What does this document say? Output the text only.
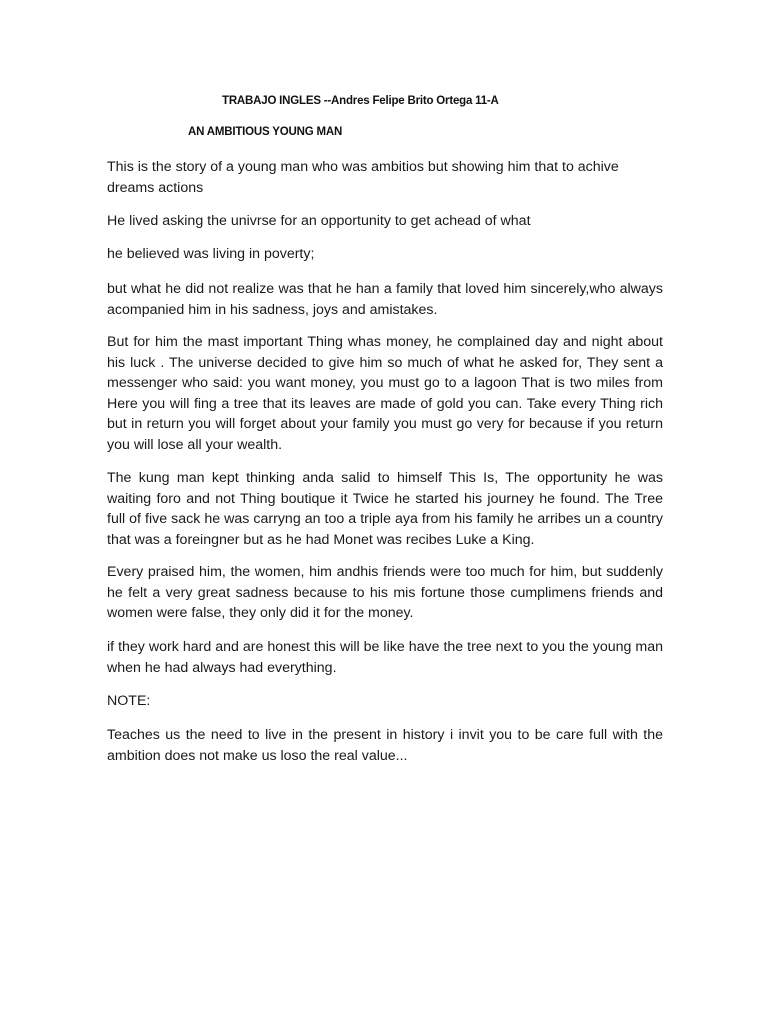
TRABAJO INGLES --Andres Felipe Brito Ortega 11-A
AN AMBITIOUS YOUNG MAN

This is the story of a young man who was ambitios but showing him that to achive dreams actions

He lived asking the univrse for an opportunity to get achead of what

he believed was living in poverty;

but what he did not realize was that he han a family that loved him sincerely,who always acompanied him in his sadness, joys and amistakes.

But for him the mast important Thing whas money, he complained day and night about his luck . The universe decided to give him so much of what he asked for, They sent a messenger who said: you want money, you must go to a lagoon That is two miles from Here you will fing a tree that its leaves are made of gold you can. Take every Thing rich but in return you will forget about your family you must go very for because if you return you will lose all your wealth.

The kung man kept thinking anda salid to himself This Is, The opportunity he was waiting foro and not Thing boutique it Twice he started his journey he found. The Tree full of five sack he was carryng an too a triple aya from his family he arribes un a country that was a foreingner but as he had Monet was recibes Luke a King.

Every praised him, the women, him andhis friends were too much for him, but suddenly he felt a very great sadness because to his mis fortune those cumplimens friends and women were false, they only did it for the money.

if they work hard and are honest this will be like have the tree next to you the young man when he had always had everything.

NOTE:

Teaches us the need to live in the present in history i invit you to be care full with the ambition does not make us loso the real value...
